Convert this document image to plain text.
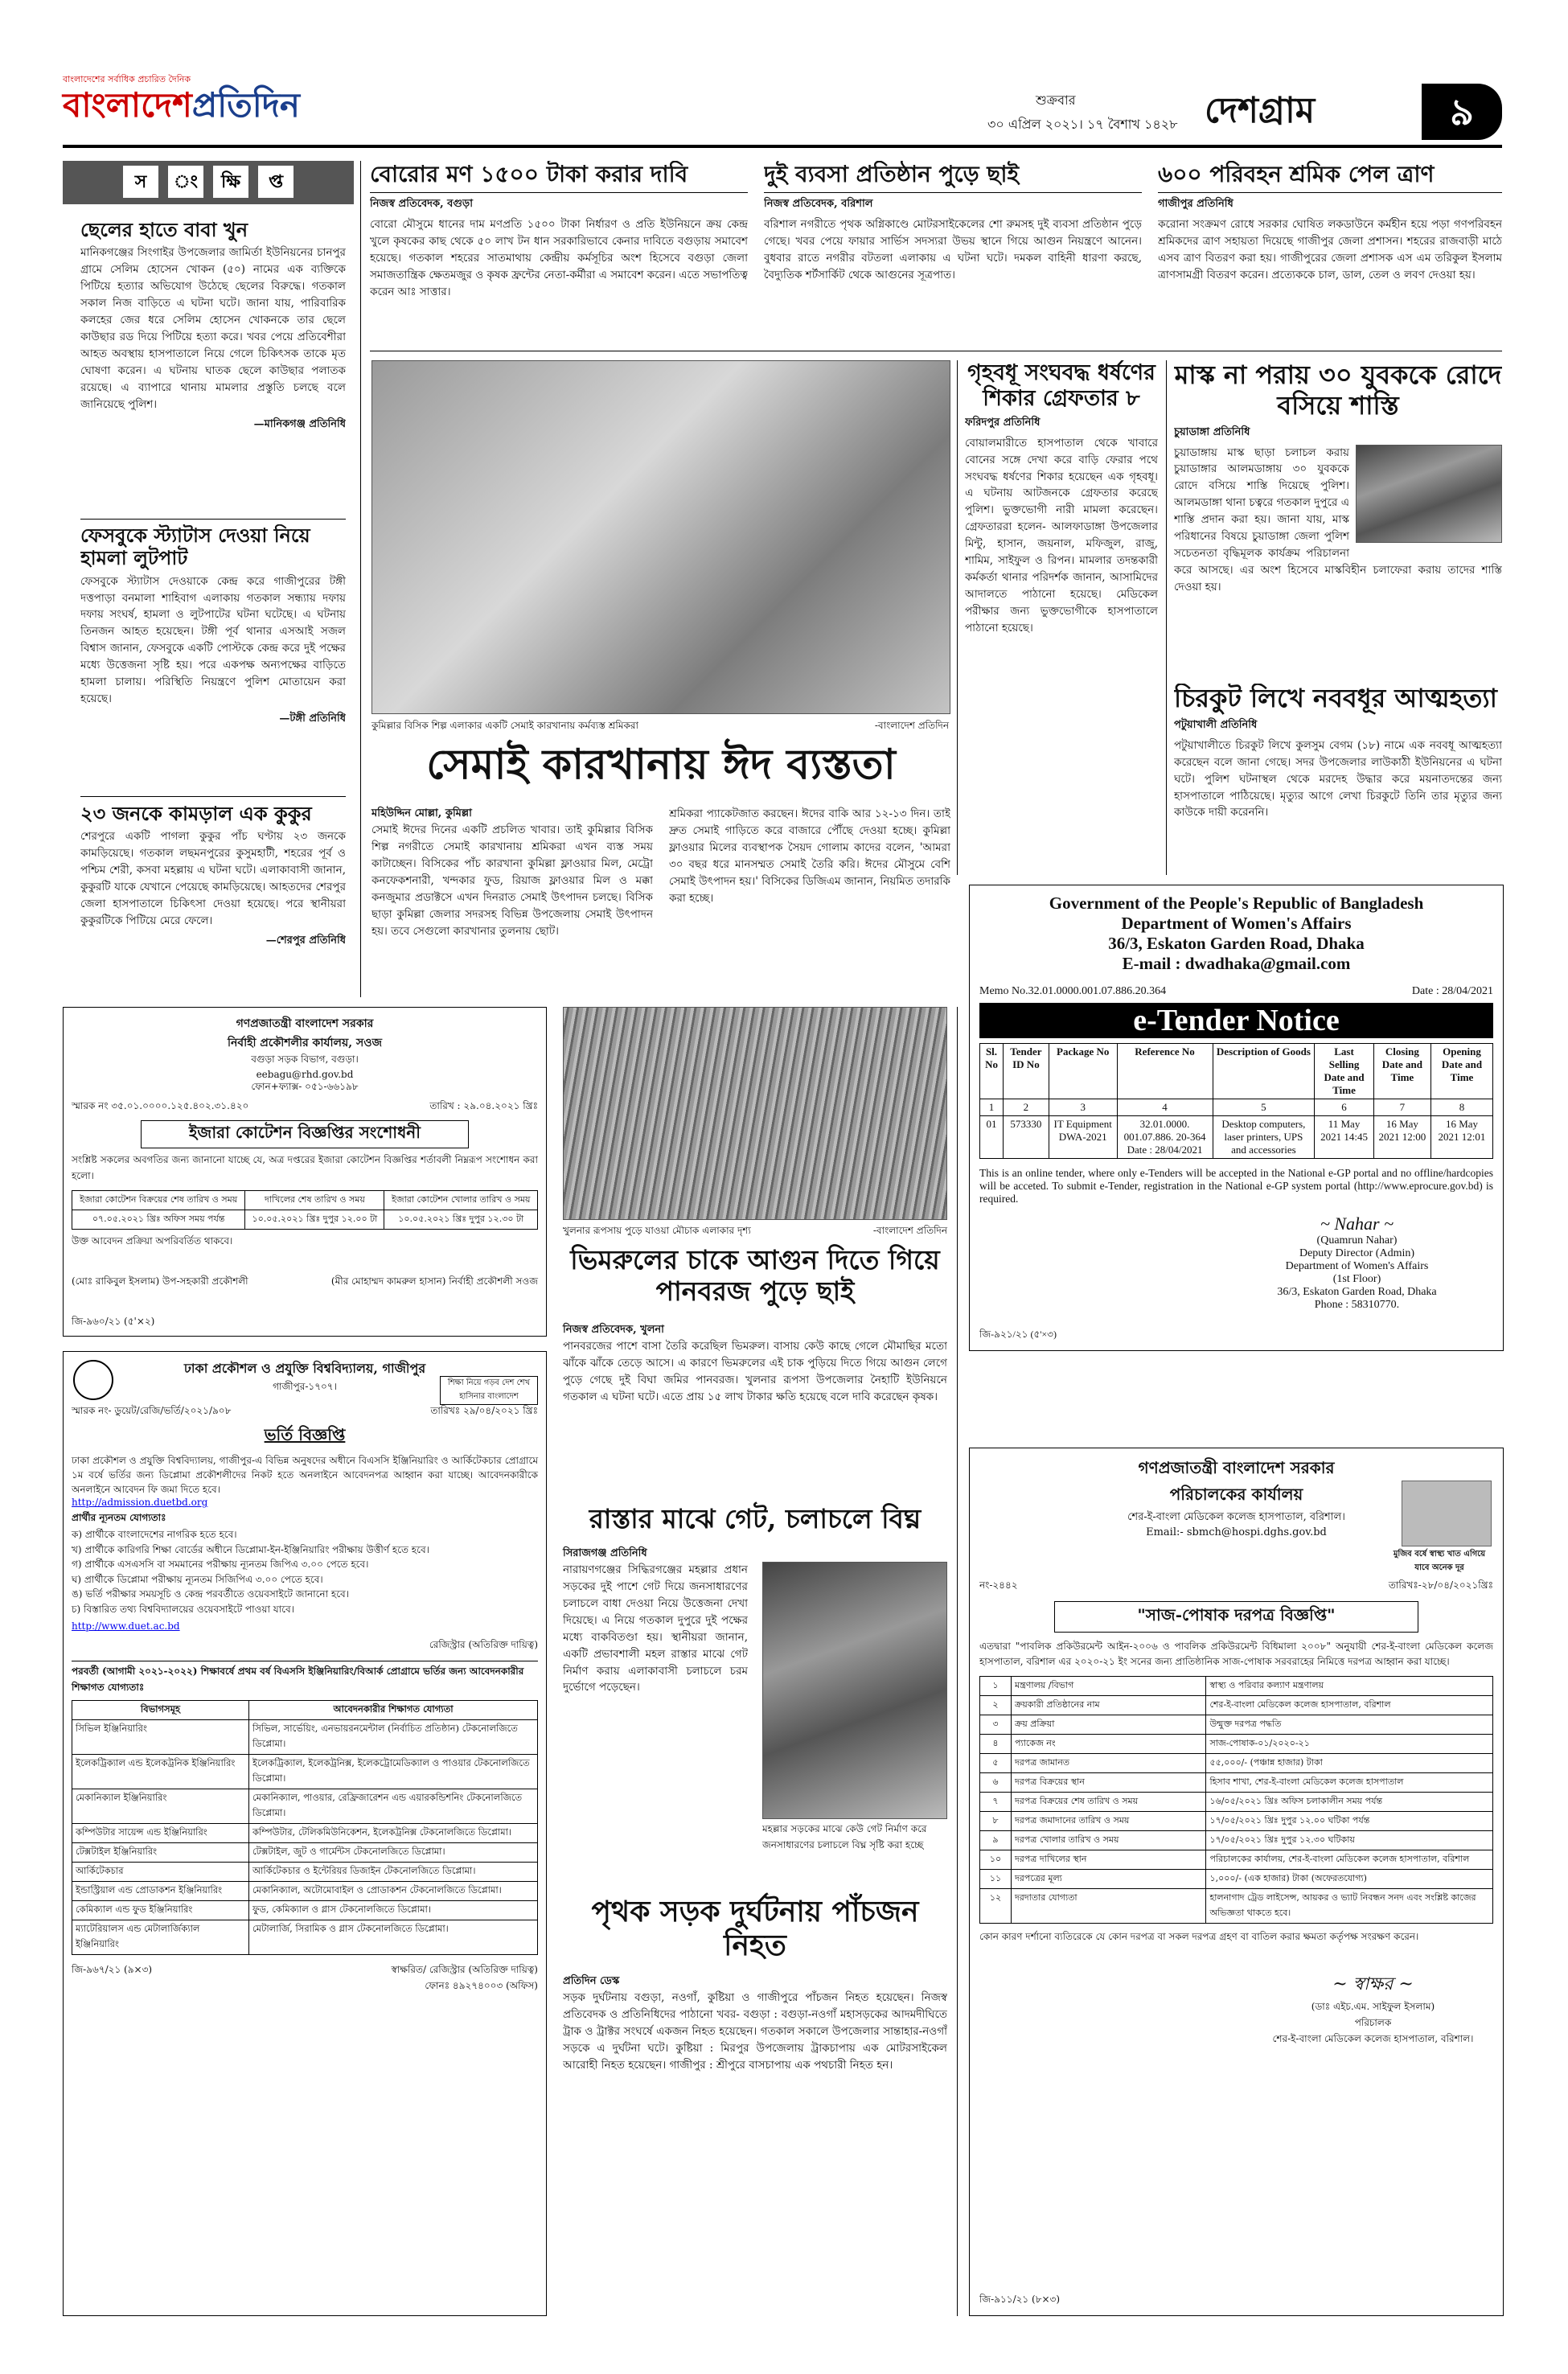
বাংলাদেশের সর্বাধিক প্রচারিত দৈনিক
বাংলাদেশপ্রতিদিন	শুক্রবার
৩০ এপ্রিল ২০২১। ১৭ বৈশাখ ১৪২৮ দেশগ্রাম	৯
স ং ক্ষি প্ত
ছেলের হাতে বাবা খুন
মানিকগঞ্জের সিংগাইর উপজেলার জামির্তা ইউনিয়নের চানপুর গ্রামে সেলিম হোসেন খোকন (৫০) নামের এক ব্যক্তিকে পিটিয়ে হত্যার অভিযোগ উঠেছে ছেলের বিরুদ্ধে। গতকাল সকাল নিজ বাড়িতে এ ঘটনা ঘটে। জানা যায়, পারিবারিক কলহের জের ধরে সেলিম হোসেন খোকনকে তার ছেলে কাউছার রড দিয়ে পিটিয়ে হত্যা করে। খবর পেয়ে প্রতিবেশীরা আহত অবস্থায় হাসপাতালে নিয়ে গেলে চিকিৎসক তাকে মৃত ঘোষণা করেন। এ ঘটনায় ঘাতক ছেলে কাউছার পলাতক রয়েছে। এ ব্যাপারে থানায় মামলার প্রস্তুতি চলছে বলে জানিয়েছে পুলিশ।
—মানিকগঞ্জ প্রতিনিধি
ফেসবুকে স্ট্যাটাস দেওয়া নিয়ে হামলা লুটপাট
ফেসবুকে স্ট্যাটাস দেওয়াকে কেন্দ্র করে গাজীপুরের টঙ্গী দত্তপাড়া বনমালা শাহিবাগ এলাকায় গতকাল সন্ধ্যায় দফায় দফায় সংঘর্ষ, হামলা ও লুটপাটের ঘটনা ঘটেছে। এ ঘটনায় তিনজন আহত হয়েছেন। টঙ্গী পূর্ব থানার এসআই সজল বিশ্বাস জানান, ফেসবুকে একটি পোস্টকে কেন্দ্র করে দুই পক্ষের মধ্যে উত্তেজনা সৃষ্টি হয়। পরে একপক্ষ অন্যপক্ষের বাড়িতে হামলা চালায়। পরিস্থিতি নিয়ন্ত্রণে পুলিশ মোতায়েন করা হয়েছে।
—টঙ্গী প্রতিনিধি
২৩ জনকে কামড়াল এক কুকুর
শেরপুরে একটি পাগলা কুকুর পাঁচ ঘণ্টায় ২৩ জনকে কামড়িয়েছে। গতকাল লছমনপুরের কুসুমহাটী, শহরের পূর্ব ও পশ্চিম শেরী, কসবা মহল্লায় এ ঘটনা ঘটে। এলাকাবাসী জানান, কুকুরটি যাকে যেখানে পেয়েছে কামড়িয়েছে। আহতদের শেরপুর জেলা হাসপাতালে চিকিৎসা দেওয়া হয়েছে। পরে স্থানীয়রা কুকুরটিকে পিটিয়ে মেরে ফেলে।
—শেরপুর প্রতিনিধি
বোরোর মণ ১৫০০ টাকা করার দাবি
নিজস্ব প্রতিবেদক, বগুড়া
বোরো মৌসুমে ধানের দাম মণপ্রতি ১৫০০ টাকা নির্ধারণ ও প্রতি ইউনিয়নে ক্রয় কেন্দ্র খুলে কৃষকের কাছ থেকে ৫০ লাখ টন ধান সরকারিভাবে কেনার দাবিতে বগুড়ায় সমাবেশ হয়েছে। গতকাল শহরের সাতমাথায় কেন্দ্রীয় কর্মসূচির অংশ হিসেবে বগুড়া জেলা সমাজতান্ত্রিক ক্ষেতমজুর ও কৃষক ফ্রন্টের নেতা-কর্মীরা এ সমাবেশ করেন। এতে সভাপতিত্ব করেন আঃ সাত্তার।
দুই ব্যবসা প্রতিষ্ঠান পুড়ে ছাই
নিজস্ব প্রতিবেদক, বরিশাল
বরিশাল নগরীতে পৃথক অগ্নিকাণ্ডে মোটরসাইকেলের শো রুমসহ দুই ব্যবসা প্রতিষ্ঠান পুড়ে গেছে। খবর পেয়ে ফায়ার সার্ভিস সদস্যরা উভয় স্থানে গিয়ে আগুন নিয়ন্ত্রণে আনেন। বুধবার রাতে নগরীর বটতলা এলাকায় এ ঘটনা ঘটে। দমকল বাহিনী ধারণা করছে, বৈদ্যুতিক শর্টসার্কিট থেকে আগুনের সূত্রপাত।
৬০০ পরিবহন শ্রমিক পেল ত্রাণ
গাজীপুর প্রতিনিধি
করোনা সংক্রমণ রোধে সরকার ঘোষিত লকডাউনে কর্মহীন হয়ে পড়া গণপরিবহন শ্রমিকদের ত্রাণ সহায়তা দিয়েছে গাজীপুর জেলা প্রশাসন। শহরের রাজবাড়ী মাঠে এসব ত্রাণ বিতরণ করা হয়। গাজীপুরের জেলা প্রশাসক এস এম তরিকুল ইসলাম ত্রাণসামগ্রী বিতরণ করেন। প্রত্যেককে চাল, ডাল, তেল ও লবণ দেওয়া হয়।
কুমিল্লার বিসিক শিল্প এলাকার একটি সেমাই কারখানায় কর্মব্যস্ত শ্রমিকরা	-বাংলাদেশ প্রতিদিন
সেমাই কারখানায় ঈদ ব্যস্ততা
মহিউদ্দিন মোল্লা, কুমিল্লা
সেমাই ঈদের দিনের একটি প্রচলিত খাবার। তাই কুমিল্লার বিসিক শিল্প নগরীতে সেমাই কারখানায় শ্রমিকরা এখন ব্যস্ত সময় কাটাচ্ছেন। বিসিকের পাঁচ কারখানা কুমিল্লা ফ্লাওয়ার মিল, মেট্রো কনফেকশনারী, খন্দকার ফুড, রিয়াজ ফ্লাওয়ার মিল ও মক্কা কনজুমার প্রডাক্টসে এখন দিনরাত সেমাই উৎপাদন চলছে। বিসিক ছাড়া কুমিল্লা জেলার সদরসহ বিভিন্ন উপজেলায় সেমাই উৎপাদন হয়। তবে সেগুলো কারখানার তুলনায় ছোট।
শ্রমিকরা প্যাকেটজাত করছেন। ঈদের বাকি আর ১২-১৩ দিন। তাই দ্রুত সেমাই গাড়িতে করে বাজারে পৌঁছে দেওয়া হচ্ছে। কুমিল্লা ফ্লাওয়ার মিলের ব্যবস্থাপক সৈয়দ গোলাম কাদের বলেন, 'আমরা ৩০ বছর ধরে মানসম্মত সেমাই তৈরি করি। ঈদের মৌসুমে বেশি সেমাই উৎপাদন হয়।' বিসিকের ডিজিএম জানান, নিয়মিত তদারকি করা হচ্ছে।
গৃহবধূ সংঘবদ্ধ ধর্ষণের শিকার গ্রেফতার ৮
ফরিদপুর প্রতিনিধি
বোয়ালমারীতে হাসপাতাল থেকে খাবারে বোনের সঙ্গে দেখা করে বাড়ি ফেরার পথে সংঘবদ্ধ ধর্ষণের শিকার হয়েছেন এক গৃহবধূ। এ ঘটনায় আটজনকে গ্রেফতার করেছে পুলিশ। ভুক্তভোগী নারী মামলা করেছেন। গ্রেফতাররা হলেন- আলফাডাঙ্গা উপজেলার মিন্টু, হাসান, জয়নাল, মফিজুল, রাজু, শামিম, সাইফুল ও রিপন। মামলার তদন্তকারী কর্মকর্তা থানার পরিদর্শক জানান, আসামিদের আদালতে পাঠানো হয়েছে। মেডিকেল পরীক্ষার জন্য ভুক্তভোগীকে হাসপাতালে পাঠানো হয়েছে।
মাস্ক না পরায় ৩০ যুবককে রোদে বসিয়ে শাস্তি
চুয়াডাঙ্গা প্রতিনিধি
চুয়াডাঙ্গায় মাস্ক ছাড়া চলাচল করায় চুয়াডাঙ্গার আলমডাঙ্গায় ৩০ যুবককে রোদে বসিয়ে শাস্তি দিয়েছে পুলিশ। আলমডাঙ্গা থানা চত্বরে গতকাল দুপুরে এ শাস্তি প্রদান করা হয়। জানা যায়, মাস্ক পরিধানের বিষয়ে চুয়াডাঙ্গা জেলা পুলিশ সচেতনতা বৃদ্ধিমূলক কার্যক্রম পরিচালনা করে আসছে। এর অংশ হিসেবে মাস্কবিহীন চলাফেরা করায় তাদের শাস্তি দেওয়া হয়।
চিরকুট লিখে নববধূর আত্মহত্যা
পটুয়াখালী প্রতিনিধি
পটুয়াখালীতে চিরকুট লিখে কুলসুম বেগম (১৮) নামে এক নববধূ আত্মহত্যা করেছেন বলে জানা গেছে। সদর উপজেলার লাউকাঠী ইউনিয়নের এ ঘটনা ঘটে। পুলিশ ঘটনাস্থল থেকে মরদেহ উদ্ধার করে ময়নাতদন্তের জন্য হাসপাতালে পাঠিয়েছে। মৃত্যুর আগে লেখা চিরকুটে তিনি তার মৃত্যুর জন্য কাউকে দায়ী করেননি।
Government of the People's Republic of Bangladesh
Department of Women's Affairs
36/3, Eskaton Garden Road, Dhaka
E-mail : dwadhaka@gmail.com
Memo No.32.01.0000.001.07.886.20.364	Date : 28/04/2021
e-Tender Notice
Sl. No	Tender ID No	Package No	Reference No	Description of Goods	Last Selling Date and Time	Closing Date and Time	Opening Date and Time
1	2	3	4	5	6	7	8
01	573330	IT Equipment DWA-2021	32.01.0000. 001.07.886. 20-364 Date : 28/04/2021	Desktop computers, laser printers, UPS and accessories	11 May 2021 14:45	16 May 2021 12:00	16 May 2021 12:01
This is an online tender, where only e-Tenders will be accepted in the National e-GP portal and no offline/hardcopies will be acceted. To submit e-Tender, registration in the National e-GP system portal (http://www.eprocure.gov.bd) is required.
~ Nahar ~
(Quamrun Nahar)
Deputy Director (Admin)
Department of Women's Affairs
(1st Floor)
36/3, Eskaton Garden Road, Dhaka
Phone : 58310770.
জি-৯২১/২১ (৫'×৩)
গণপ্রজাতন্ত্রী বাংলাদেশ সরকার
নির্বাহী প্রকৌশলীর কার্যালয়, সওজ
বগুড়া সড়ক বিভাগ, বগুড়া।
eebagu@rhd.gov.bd
ফোন+ফ্যাক্স- ০৫১-৬৬১৯৮
স্মারক নং ৩৫.০১.০০০০.১২৫.৪০২.৩১.৪২০	তারিখ : ২৯.০৪.২০২১ খ্রিঃ
ইজারা কোটেশন বিজ্ঞপ্তির সংশোধনী
সংশ্লিষ্ট সকলের অবগতির জন্য জানানো যাচ্ছে যে, অত্র দপ্তরের ইজারা কোটেশন বিজ্ঞপ্তির শর্তাবলী নিম্নরূপ সংশোধন করা হলো।
ইজারা কোটেশন বিক্রয়ের শেষ তারিখ ও সময়	দাখিলের শেষ তারিখ ও সময়	ইজারা কোটেশন খোলার তারিখ ও সময়
০৭.০৫.২০২১ খ্রিঃ অফিস সময় পর্যন্ত	১০.০৫.২০২১ খ্রিঃ দুপুর ১২.০০ টা	১০.০৫.২০২১ খ্রিঃ দুপুর ১২.৩০ টা
উক্ত আবেদন প্রক্রিয়া অপরিবর্তিত থাকবে।
(মোঃ রাকিবুল ইসলাম) উপ-সহকারী প্রকৌশলী	(মীর মোহাম্মদ কামরুল হাসান) নির্বাহী প্রকৌশলী সওজ
জি-৯৬০/২১ (৫'×২)
খুলনার রূপসায় পুড়ে যাওয়া মৌচাক এলাকার দৃশ্য	-বাংলাদেশ প্রতিদিন
ভিমরুলের চাকে আগুন দিতে গিয়ে পানবরজ পুড়ে ছাই
নিজস্ব প্রতিবেদক, খুলনা
পানবরজের পাশে বাসা তৈরি করেছিল ভিমরুল। বাসায় কেউ কাছে গেলে মৌমাছির মতো ঝাঁকে ঝাঁকে তেড়ে আসে। এ কারণে ভিমরুলের এই চাক পুড়িয়ে দিতে গিয়ে আগুন লেগে পুড়ে গেছে দুই বিঘা জমির পানবরজ। খুলনার রূপসা উপজেলার নৈহাটি ইউনিয়নে গতকাল এ ঘটনা ঘটে। এতে প্রায় ১৫ লাখ টাকার ক্ষতি হয়েছে বলে দাবি করেছেন কৃষক।
রাস্তার মাঝে গেট, চলাচলে বিঘ্ন
সিরাজগঞ্জ প্রতিনিধি
নারায়ণগঞ্জের সিদ্ধিরগঞ্জের মহল্লার প্রধান সড়কের দুই পাশে গেট দিয়ে জনসাধারণের চলাচলে বাধা দেওয়া নিয়ে উত্তেজনা দেখা দিয়েছে। এ নিয়ে গতকাল দুপুরে দুই পক্ষের মধ্যে বাকবিতণ্ডা হয়। স্থানীয়রা জানান, একটি প্রভাবশালী মহল রাস্তার মাঝে গেট নির্মাণ করায় এলাকাবাসী চলাচলে চরম দুর্ভোগে পড়েছেন।
মহল্লার সড়কের মাঝে কেউ গেট নির্মাণ করে জনসাধারণের চলাচলে বিঘ্ন সৃষ্টি করা হচ্ছে
পৃথক সড়ক দুর্ঘটনায় পাঁচজন নিহত
প্রতিদিন ডেস্ক
সড়ক দুর্ঘটনায় বগুড়া, নওগাঁ, কুষ্টিয়া ও গাজীপুরে পাঁচজন নিহত হয়েছেন। নিজস্ব প্রতিবেদক ও প্রতিনিধিদের পাঠানো খবর- বগুড়া : বগুড়া-নওগাঁ মহাসড়কের আদমদীঘিতে ট্রাক ও ট্রাক্টর সংঘর্ষে একজন নিহত হয়েছেন। গতকাল সকালে উপজেলার সান্তাহার-নওগাঁ সড়কে এ দুর্ঘটনা ঘটে। কুষ্টিয়া : মিরপুর উপজেলায় ট্রাকচাপায় এক মোটরসাইকেল আরোহী নিহত হয়েছেন। গাজীপুর : শ্রীপুরে বাসচাপায় এক পথচারী নিহত হন।
ঢাকা প্রকৌশল ও প্রযুক্তি বিশ্ববিদ্যালয়, গাজীপুর
গাজীপুর-১৭০৭।	শিক্ষা নিয়ে গড়ব দেশ শেখ হাসিনার বাংলাদেশ
স্মারক নং- ডুয়েট/রেজি/ভর্তি/২০২১/৯০৮	তারিখঃ ২৯/০৪/২০২১ খ্রিঃ
ভর্তি বিজ্ঞপ্তি
ঢাকা প্রকৌশল ও প্রযুক্তি বিশ্ববিদ্যালয়, গাজীপুর-এ বিভিন্ন অনুষদের অধীনে বিএসসি ইঞ্জিনিয়ারিং ও আর্কিটেকচার প্রোগ্রামে ১ম বর্ষে ভর্তির জন্য ডিপ্লোমা প্রকৌশলীদের নিকট হতে অনলাইনে আবেদনপত্র আহ্বান করা যাচ্ছে। আবেদনকারীকে অনলাইনে আবেদন ফি জমা দিতে হবে।
http://admission.duetbd.org
প্রার্থীর ন্যূনতম যোগ্যতাঃ
ক) প্রার্থীকে বাংলাদেশের নাগরিক হতে হবে।
খ) প্রার্থীকে কারিগরি শিক্ষা বোর্ডের অধীনে ডিপ্লোমা-ইন-ইঞ্জিনিয়ারিং পরীক্ষায় উত্তীর্ণ হতে হবে।
গ) প্রার্থীকে এসএসসি বা সমমানের পরীক্ষায় ন্যূনতম জিপিএ ৩.০০ পেতে হবে।
ঘ) প্রার্থীকে ডিপ্লোমা পরীক্ষায় ন্যূনতম সিজিপিএ ৩.০০ পেতে হবে।
ঙ) ভর্তি পরীক্ষার সময়সূচি ও কেন্দ্র পরবর্তীতে ওয়েবসাইটে জানানো হবে।
চ) বিস্তারিত তথ্য বিশ্ববিদ্যালয়ের ওয়েবসাইটে পাওয়া যাবে।
http://www.duet.ac.bd
রেজিস্ট্রার (অতিরিক্ত দায়িত্ব)
পরবর্তী (আগামী ২০২১-২০২২) শিক্ষাবর্ষে প্রথম বর্ষ বিএসসি ইঞ্জিনিয়ারিং/বিআর্ক প্রোগ্রামে ভর্তির জন্য আবেদনকারীর শিক্ষাগত যোগ্যতাঃ
বিভাগসমূহ	আবেদনকারীর শিক্ষাগত যোগ্যতা
সিভিল ইঞ্জিনিয়ারিং	সিভিল, সার্ভেয়িং, এনভায়রনমেন্টাল (নির্বাচিত প্রতিষ্ঠান) টেকনোলজিতে ডিপ্লোমা।
ইলেকট্রিক্যাল এন্ড ইলেকট্রনিক ইঞ্জিনিয়ারিং	ইলেকট্রিক্যাল, ইলেকট্রনিক্স, ইলেকট্রোমেডিক্যাল ও পাওয়ার টেকনোলজিতে ডিপ্লোমা।
মেকানিক্যাল ইঞ্জিনিয়ারিং	মেকানিক্যাল, পাওয়ার, রেফ্রিজারেশন এন্ড এয়ারকন্ডিশনিং টেকনোলজিতে ডিপ্লোমা।
কম্পিউটার সায়েন্স এন্ড ইঞ্জিনিয়ারিং	কম্পিউটার, টেলিকমিউনিকেশন, ইলেকট্রনিক্স টেকনোলজিতে ডিপ্লোমা।
টেক্সটাইল ইঞ্জিনিয়ারিং	টেক্সটাইল, জুট ও গার্মেন্টস টেকনোলজিতে ডিপ্লোমা।
আর্কিটেকচার	আর্কিটেকচার ও ইন্টেরিয়র ডিজাইন টেকনোলজিতে ডিপ্লোমা।
ইন্ডাস্ট্রিয়াল এন্ড প্রোডাকশন ইঞ্জিনিয়ারিং	মেকানিক্যাল, অটোমোবাইল ও প্রোডাকশন টেকনোলজিতে ডিপ্লোমা।
কেমিক্যাল এন্ড ফুড ইঞ্জিনিয়ারিং	ফুড, কেমিক্যাল ও গ্লাস টেকনোলজিতে ডিপ্লোমা।
ম্যাটেরিয়ালস এন্ড মেটালার্জিক্যাল ইঞ্জিনিয়ারিং	মেটালার্জি, সিরামিক ও গ্লাস টেকনোলজিতে ডিপ্লোমা।
জি-৯৬৭/২১ (৯×৩)	স্বাক্ষরিত/ রেজিস্ট্রার (অতিরিক্ত দায়িত্ব)
ফোনঃ ৪৯২৭৪০০৩ (অফিস)
গণপ্রজাতন্ত্রী বাংলাদেশ সরকার
পরিচালকের কার্যালয়
শের-ই-বাংলা মেডিকেল কলেজ হাসপাতাল, বরিশাল।
Email:- sbmch@hospi.dghs.gov.bd
মুজিব বর্ষে স্বাস্থ্য খাত এগিয়ে যাবে অনেক দূর
নং-২৪৪২	তারিখঃ-২৮/০৪/২০২১খ্রিঃ
"সাজ-পোষাক দরপত্র বিজ্ঞপ্তি"
এতদ্বারা "পাবলিক প্রকিউরমেন্ট আইন-২০০৬ ও পাবলিক প্রকিউরমেন্ট বিধিমালা ২০০৮" অনুযায়ী শের-ই-বাংলা মেডিকেল কলেজ হাসপাতাল, বরিশাল এর ২০২০-২১ ইং সনের জন্য প্রাতিষ্ঠানিক সাজ-পোষাক সরবরাহের নিমিত্তে দরপত্র আহ্বান করা যাচ্ছে।
১	মন্ত্রণালয় /বিভাগ	স্বাস্থ্য ও পরিবার কল্যাণ মন্ত্রণালয়
২	ক্রয়কারী প্রতিষ্ঠানের নাম	শের-ই-বাংলা মেডিকেল কলেজ হাসপাতাল, বরিশাল
৩	ক্রয় প্রক্রিয়া	উন্মুক্ত দরপত্র পদ্ধতি
৪	প্যাকেজ নং	সাজ-পোষাক-০১/২০২০-২১
৫	দরপত্র জামানত	৫৫,০০০/- (পঞ্চান্ন হাজার) টাকা
৬	দরপত্র বিক্রয়ের স্থান	হিসাব শাখা, শের-ই-বাংলা মেডিকেল কলেজ হাসপাতাল
৭	দরপত্র বিক্রয়ের শেষ তারিখ ও সময়	১৬/০৫/২০২১ খ্রিঃ অফিস চলাকালীন সময় পর্যন্ত
৮	দরপত্র জমাদানের তারিখ ও সময়	১৭/০৫/২০২১ খ্রিঃ দুপুর ১২.০০ ঘটিকা পর্যন্ত
৯	দরপত্র খোলার তারিখ ও সময়	১৭/০৫/২০২১ খ্রিঃ দুপুর ১২.৩০ ঘটিকায়
১০	দরপত্র দাখিলের স্থান	পরিচালকের কার্যালয়, শের-ই-বাংলা মেডিকেল কলেজ হাসপাতাল, বরিশাল
১১	দরপত্রের মূল্য	১,০০০/- (এক হাজার) টাকা (অফেরতযোগ্য)
১২	দরদাতার যোগ্যতা	হালনাগাদ ট্রেড লাইসেন্স, আয়কর ও ভ্যাট নিবন্ধন সনদ এবং সংশ্লিষ্ট কাজের অভিজ্ঞতা থাকতে হবে।
কোন কারণ দর্শানো ব্যতিরেকে যে কোন দরপত্র বা সকল দরপত্র গ্রহণ বা বাতিল করার ক্ষমতা কর্তৃপক্ষ সংরক্ষণ করেন।
~ স্বাক্ষর ~
(ডাঃ এইচ.এম. সাইফুল ইসলাম)
পরিচালক
শের-ই-বাংলা মেডিকেল কলেজ হাসপাতাল, বরিশাল।
জি-৯১১/২১ (৮×৩)
